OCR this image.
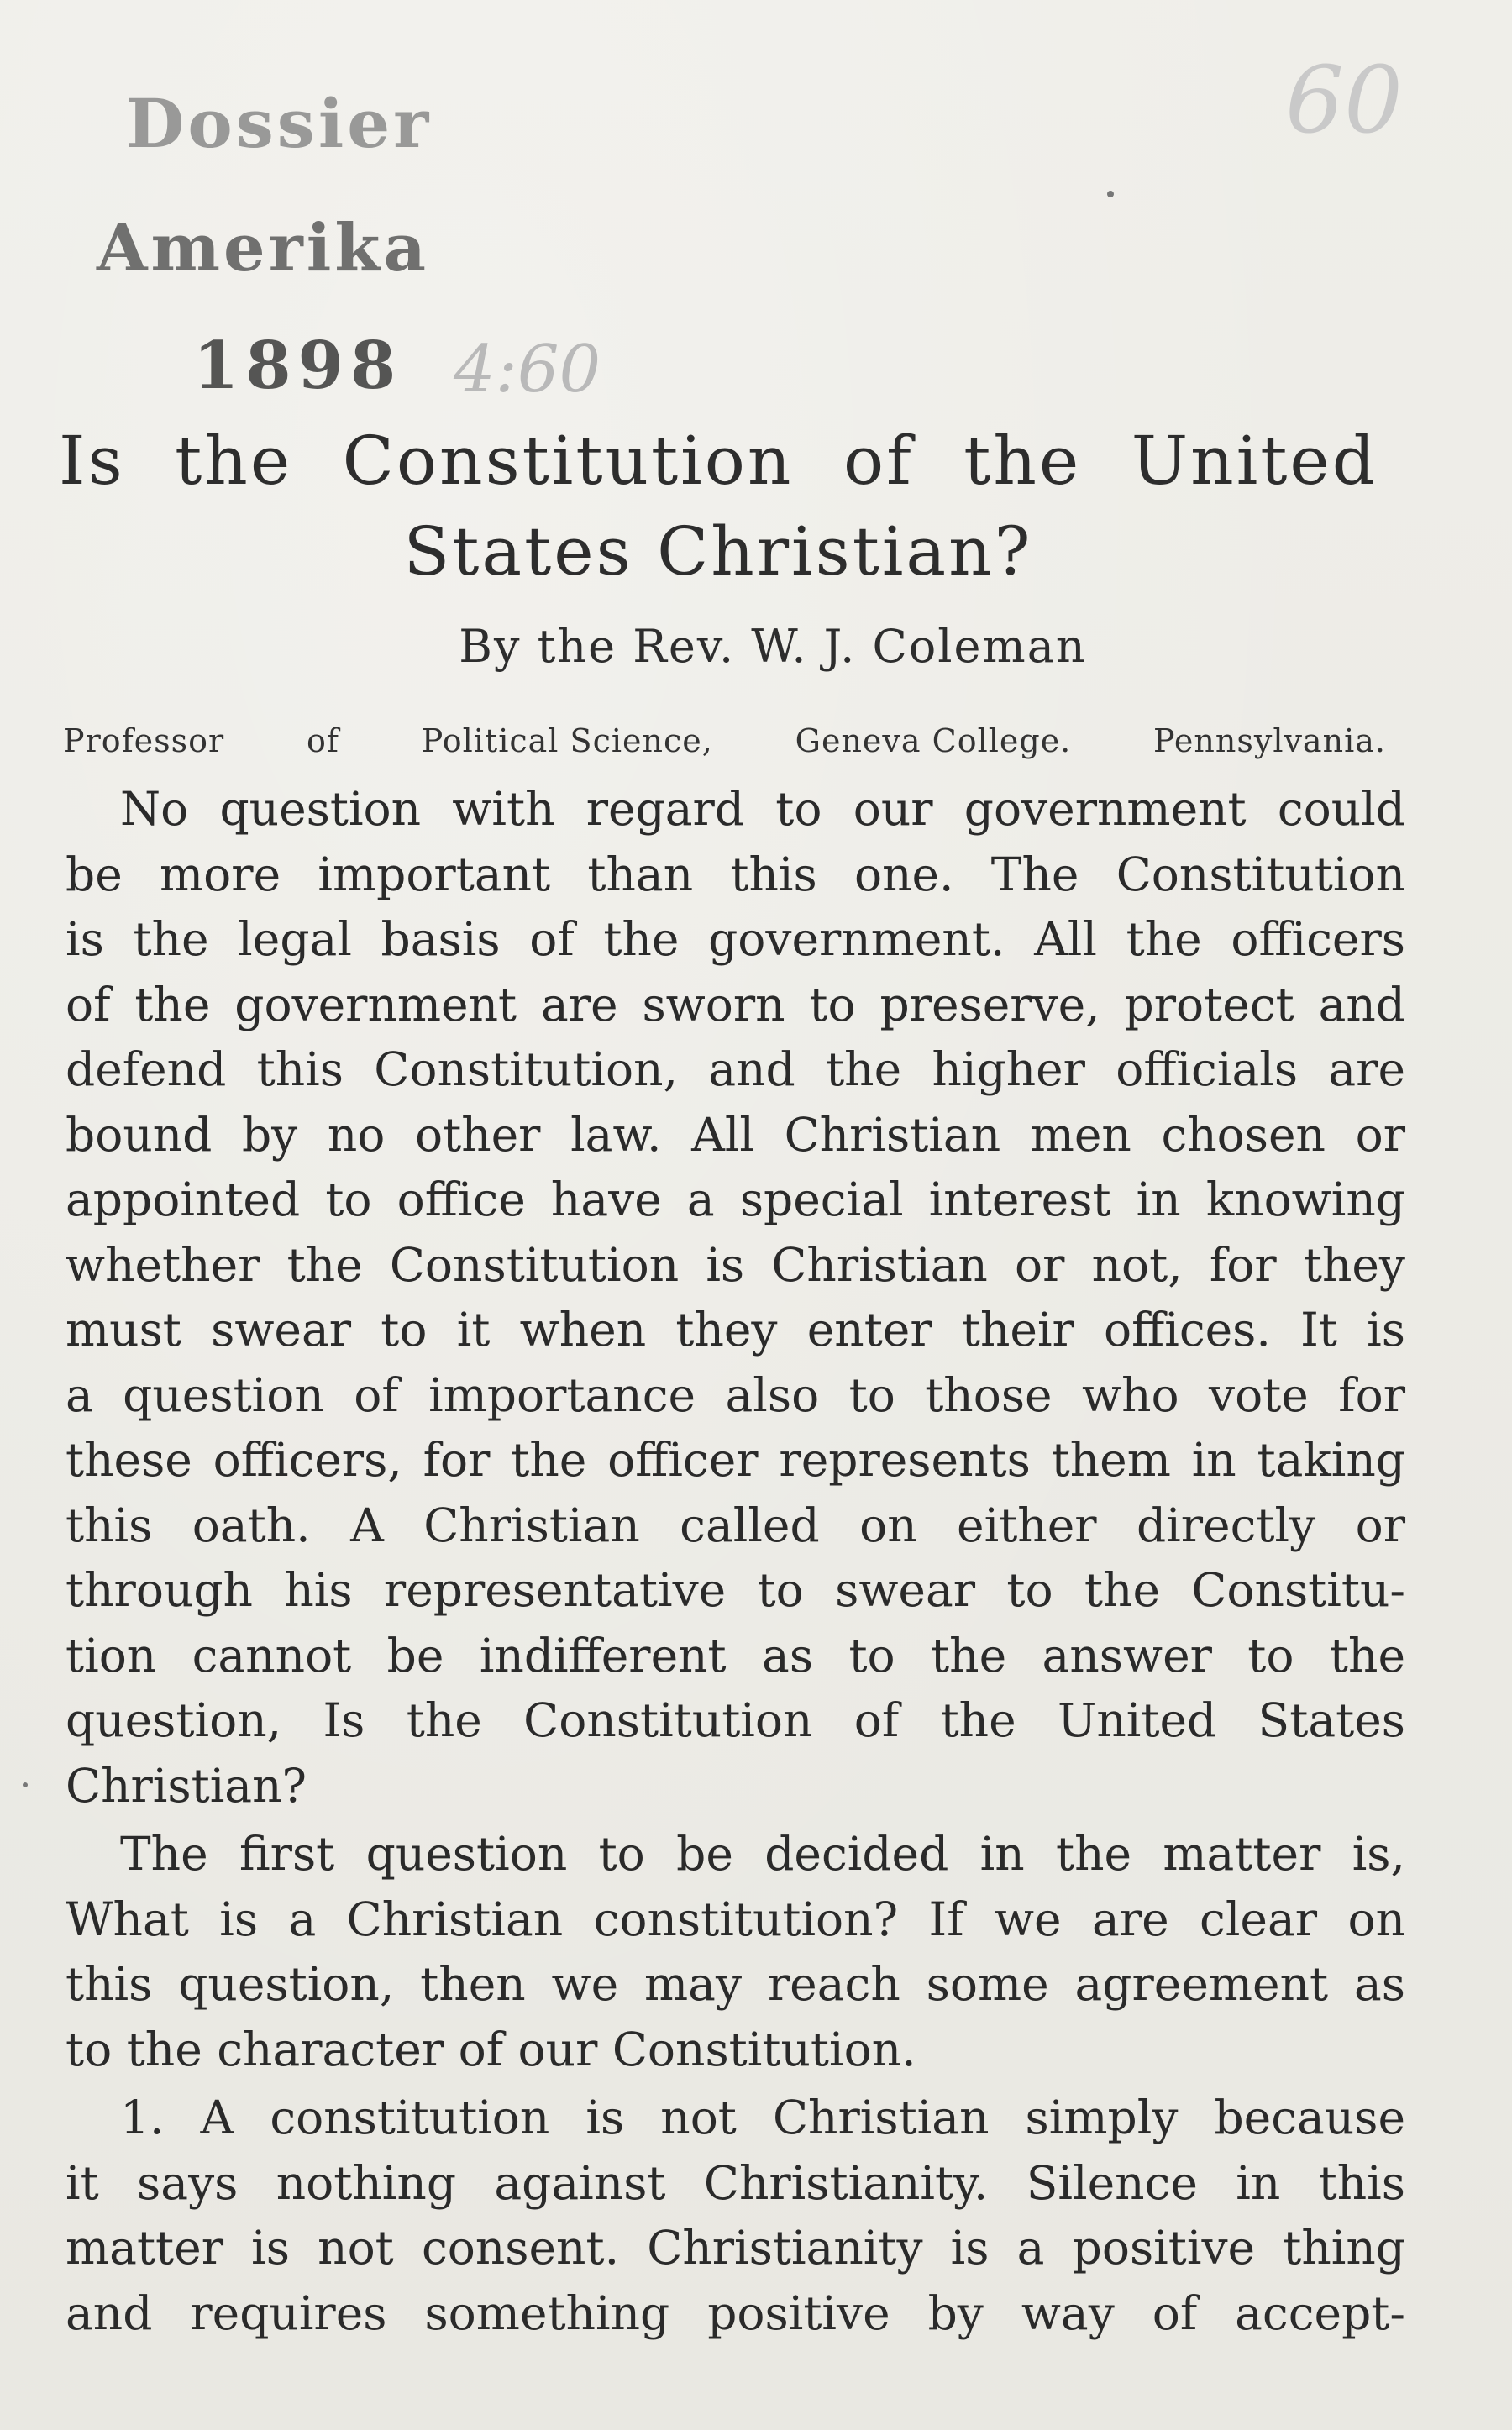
Dossier
Amerika
1898 4:60
60
Is the Constitution of the United
States Christian?
By the Rev. W. J. Coleman
Professor	of	Political Science,	Geneva College.	Pennsylvania.

No question with regard to our government could
be more important than this one. The Constitution
is the legal basis of the government. All the officers
of the government are sworn to preserve, protect and
defend this Constitution, and the higher officials are
bound by no other law. All Christian men chosen or
appointed to office have a special interest in knowing
whether the Constitution is Christian or not, for they
must swear to it when they enter their offices. It is
a question of importance also to those who vote for
these officers, for the officer represents them in taking
this oath. A Christian called on either directly or
through his representative to swear to the Constitu-
tion cannot be indifferent as to the answer to the
question, Is the Constitution of the United States
Christian?

The first question to be decided in the matter is,
What is a Christian constitution? If we are clear on
this question, then we may reach some agreement as
to the character of our Constitution.

1. A constitution is not Christian simply because
it says nothing against Christianity. Silence in this
matter is not consent. Christianity is a positive thing
and requires something positive by way of accept-
